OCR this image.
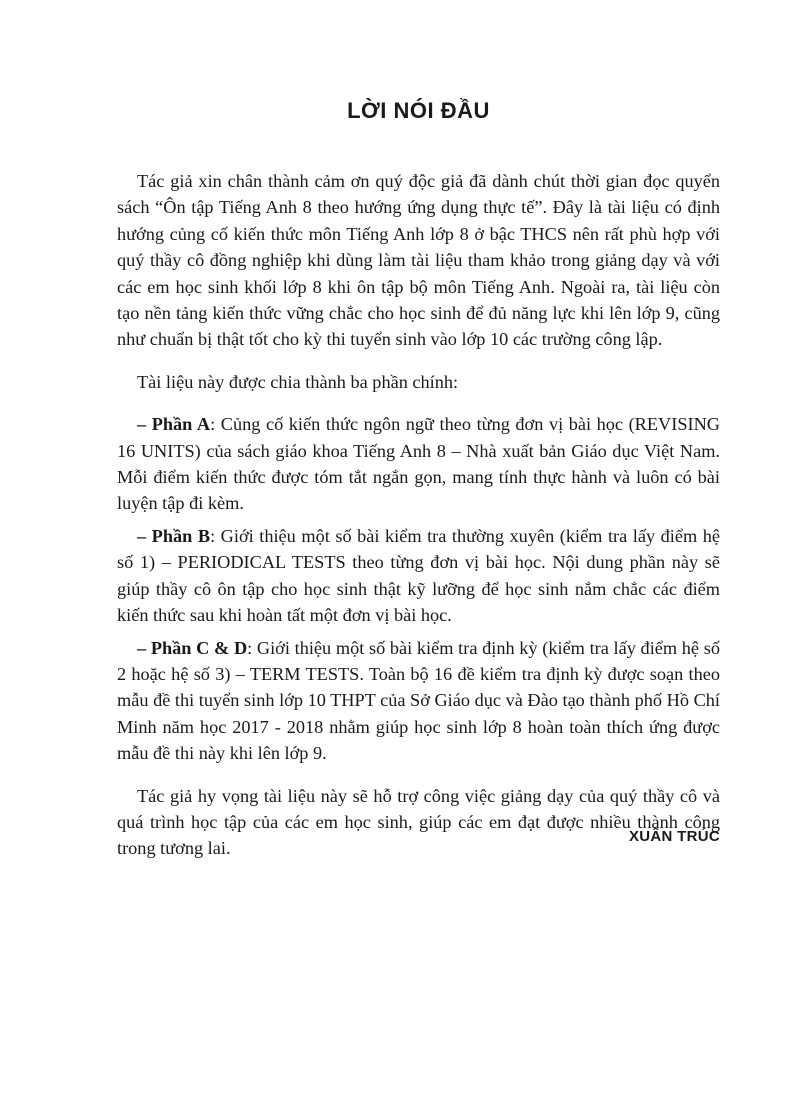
LỜI NÓI ĐẦU

Tác giả xin chân thành cảm ơn quý độc giả đã dành chút thời gian đọc quyển sách “Ôn tập Tiếng Anh 8 theo hướng ứng dụng thực tế”. Đây là tài liệu có định hướng củng cố kiến thức môn Tiếng Anh lớp 8 ở bậc THCS nên rất phù hợp với quý thầy cô đồng nghiệp khi dùng làm tài liệu tham khảo trong giảng dạy và với các em học sinh khối lớp 8 khi ôn tập bộ môn Tiếng Anh. Ngoài ra, tài liệu còn tạo nền tảng kiến thức vững chắc cho học sinh để đủ năng lực khi lên lớp 9, cũng như chuẩn bị thật tốt cho kỳ thi tuyển sinh vào lớp 10 các trường công lập.

Tài liệu này được chia thành ba phần chính:

– Phần A: Củng cố kiến thức ngôn ngữ theo từng đơn vị bài học (REVISING 16 UNITS) của sách giáo khoa Tiếng Anh 8 – Nhà xuất bản Giáo dục Việt Nam. Mỗi điểm kiến thức được tóm tắt ngắn gọn, mang tính thực hành và luôn có bài luyện tập đi kèm.

– Phần B: Giới thiệu một số bài kiểm tra thường xuyên (kiểm tra lấy điểm hệ số 1) – PERIODICAL TESTS theo từng đơn vị bài học. Nội dung phần này sẽ giúp thầy cô ôn tập cho học sinh thật kỹ lưỡng để học sinh nắm chắc các điểm kiến thức sau khi hoàn tất một đơn vị bài học.

– Phần C & D: Giới thiệu một số bài kiểm tra định kỳ (kiểm tra lấy điểm hệ số 2 hoặc hệ số 3) – TERM TESTS. Toàn bộ 16 đề kiểm tra định kỳ được soạn theo mẫu đề thi tuyển sinh lớp 10 THPT của Sở Giáo dục và Đào tạo thành phố Hồ Chí Minh năm học 2017 - 2018 nhằm giúp học sinh lớp 8 hoàn toàn thích ứng được mẫu đề thi này khi lên lớp 9.

Tác giả hy vọng tài liệu này sẽ hỗ trợ công việc giảng dạy của quý thầy cô và quá trình học tập của các em học sinh, giúp các em đạt được nhiều thành công trong tương lai.

XUÂN TRÚC
